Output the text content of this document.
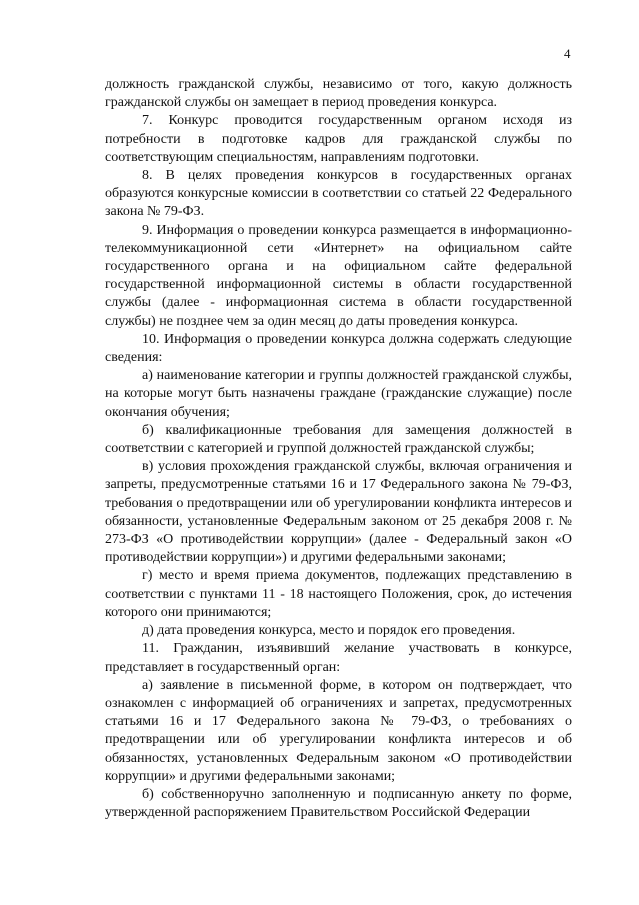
4

должность гражданской службы, независимо от того, какую должность гражданской службы он замещает в период проведения конкурса.

7. Конкурс проводится государственным органом исходя из потребности в подготовке кадров для гражданской службы по соответствующим специальностям, направлениям подготовки.

8. В целях проведения конкурсов в государственных органах образуются конкурсные комиссии в соответствии со статьей 22 Федерального закона № 79-ФЗ.

9. Информация о проведении конкурса размещается в информационно-телекоммуникационной сети «Интернет» на официальном сайте государственного органа и на официальном сайте федеральной государственной информационной системы в области государственной службы (далее - информационная система в области государственной службы) не позднее чем за один месяц до даты проведения конкурса.

10. Информация о проведении конкурса должна содержать следующие сведения:

а) наименование категории и группы должностей гражданской службы, на которые могут быть назначены граждане (гражданские служащие) после окончания обучения;

б) квалификационные требования для замещения должностей в соответствии с категорией и группой должностей гражданской службы;

в) условия прохождения гражданской службы, включая ограничения и запреты, предусмотренные статьями 16 и 17 Федерального закона № 79-ФЗ, требования о предотвращении или об урегулировании конфликта интересов и обязанности, установленные Федеральным законом от 25 декабря 2008 г. № 273-ФЗ «О противодействии коррупции» (далее - Федеральный закон «О противодействии коррупции») и другими федеральными законами;

г) место и время приема документов, подлежащих представлению в соответствии с пунктами 11 - 18 настоящего Положения, срок, до истечения которого они принимаются;

д) дата проведения конкурса, место и порядок его проведения.

11. Гражданин, изъявивший желание участвовать в конкурсе, представляет в государственный орган:

а) заявление в письменной форме, в котором он подтверждает, что ознакомлен с информацией об ограничениях и запретах, предусмотренных статьями 16 и 17 Федерального закона № 79-ФЗ, о требованиях о предотвращении или об урегулировании конфликта интересов и об обязанностях, установленных Федеральным законом «О противодействии коррупции» и другими федеральными законами;

б) собственноручно заполненную и подписанную анкету по форме, утвержденной распоряжением Правительством Российской Федерации
